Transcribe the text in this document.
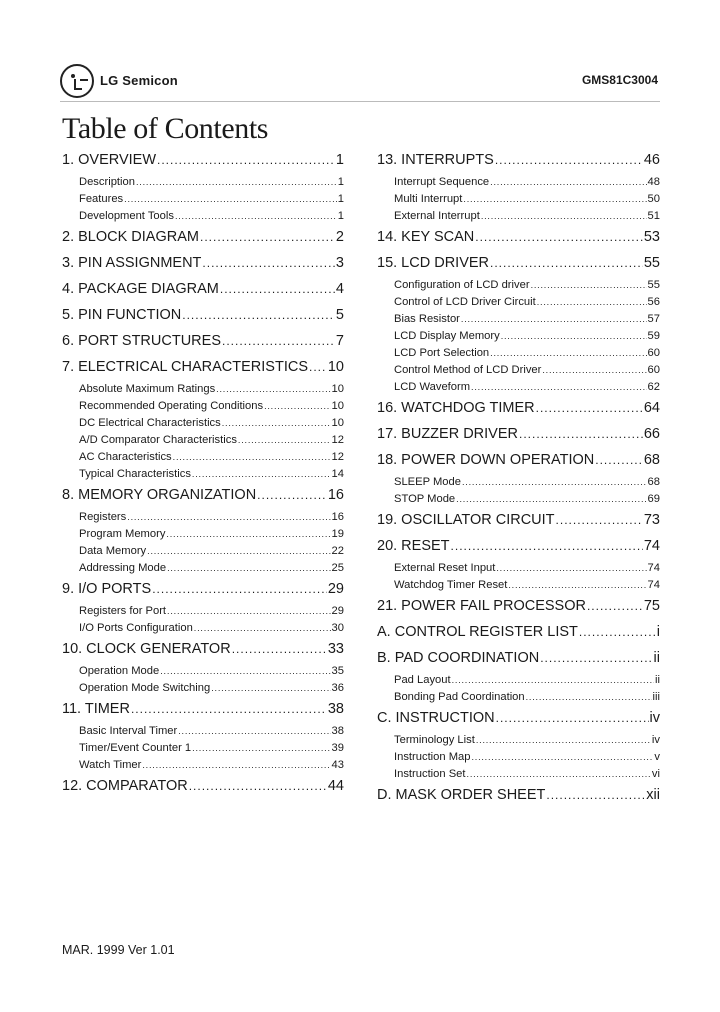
LG Semicon	GMS81C3004
Table of Contents
1. OVERVIEW .....	1
Description .....	1
Features .....	1
Development Tools .....	1
2. BLOCK DIAGRAM .....	2
3. PIN ASSIGNMENT .....	3
4. PACKAGE DIAGRAM .....	4
5. PIN FUNCTION .....	5
6. PORT STRUCTURES .....	7
7. ELECTRICAL CHARACTERISTICS ..... 10
Absolute Maximum Ratings .....	10
Recommended Operating Conditions .....	10
DC Electrical Characteristics .....	10
A/D Comparator Characteristics .....	12
AC Characteristics .....	12
Typical Characteristics .....	14
8. MEMORY ORGANIZATION .....	16
Registers .....	16
Program Memory .....	19
Data Memory .....	22
Addressing Mode .....	25
9. I/O PORTS .....	29
Registers for Port .....	29
I/O Ports Configuration .....	30
10. CLOCK GENERATOR .....	33
Operation Mode .....	35
Operation Mode Switching .....	36
11. TIMER .....	38
Basic Interval Timer .....	38
Timer/Event Counter 1 .....	39
Watch Timer .....	43
12. COMPARATOR .....	44
13. INTERRUPTS .....	46
Interrupt Sequence .....	48
Multi Interrupt .....	50
External Interrupt .....	51
14. KEY SCAN .....	53
15. LCD DRIVER .....	55
Configuration of LCD driver .....	55
Control of LCD Driver Circuit .....	56
Bias Resistor .....	57
LCD Display Memory .....	59
LCD Port Selection .....	60
Control Method of LCD Driver .....	60
LCD Waveform .....	62
16. WATCHDOG TIMER .....	64
17. BUZZER DRIVER .....	66
18. POWER DOWN OPERATION .....	68
SLEEP Mode .....	68
STOP Mode .....	69
19. OSCILLATOR CIRCUIT .....	73
20. RESET .....	74
External Reset Input .....	74
Watchdog Timer Reset .....	74
21. POWER FAIL PROCESSOR .....	75
A. CONTROL REGISTER LIST .....	i
B. PAD COORDINATION .....	ii
Pad Layout .....	ii
Bonding Pad Coordination .....	iii
C. INSTRUCTION .....	iv
Terminology List .....	iv
Instruction Map .....	v
Instruction Set .....	vi
D. MASK ORDER SHEET .....	xii
MAR. 1999 Ver 1.01
